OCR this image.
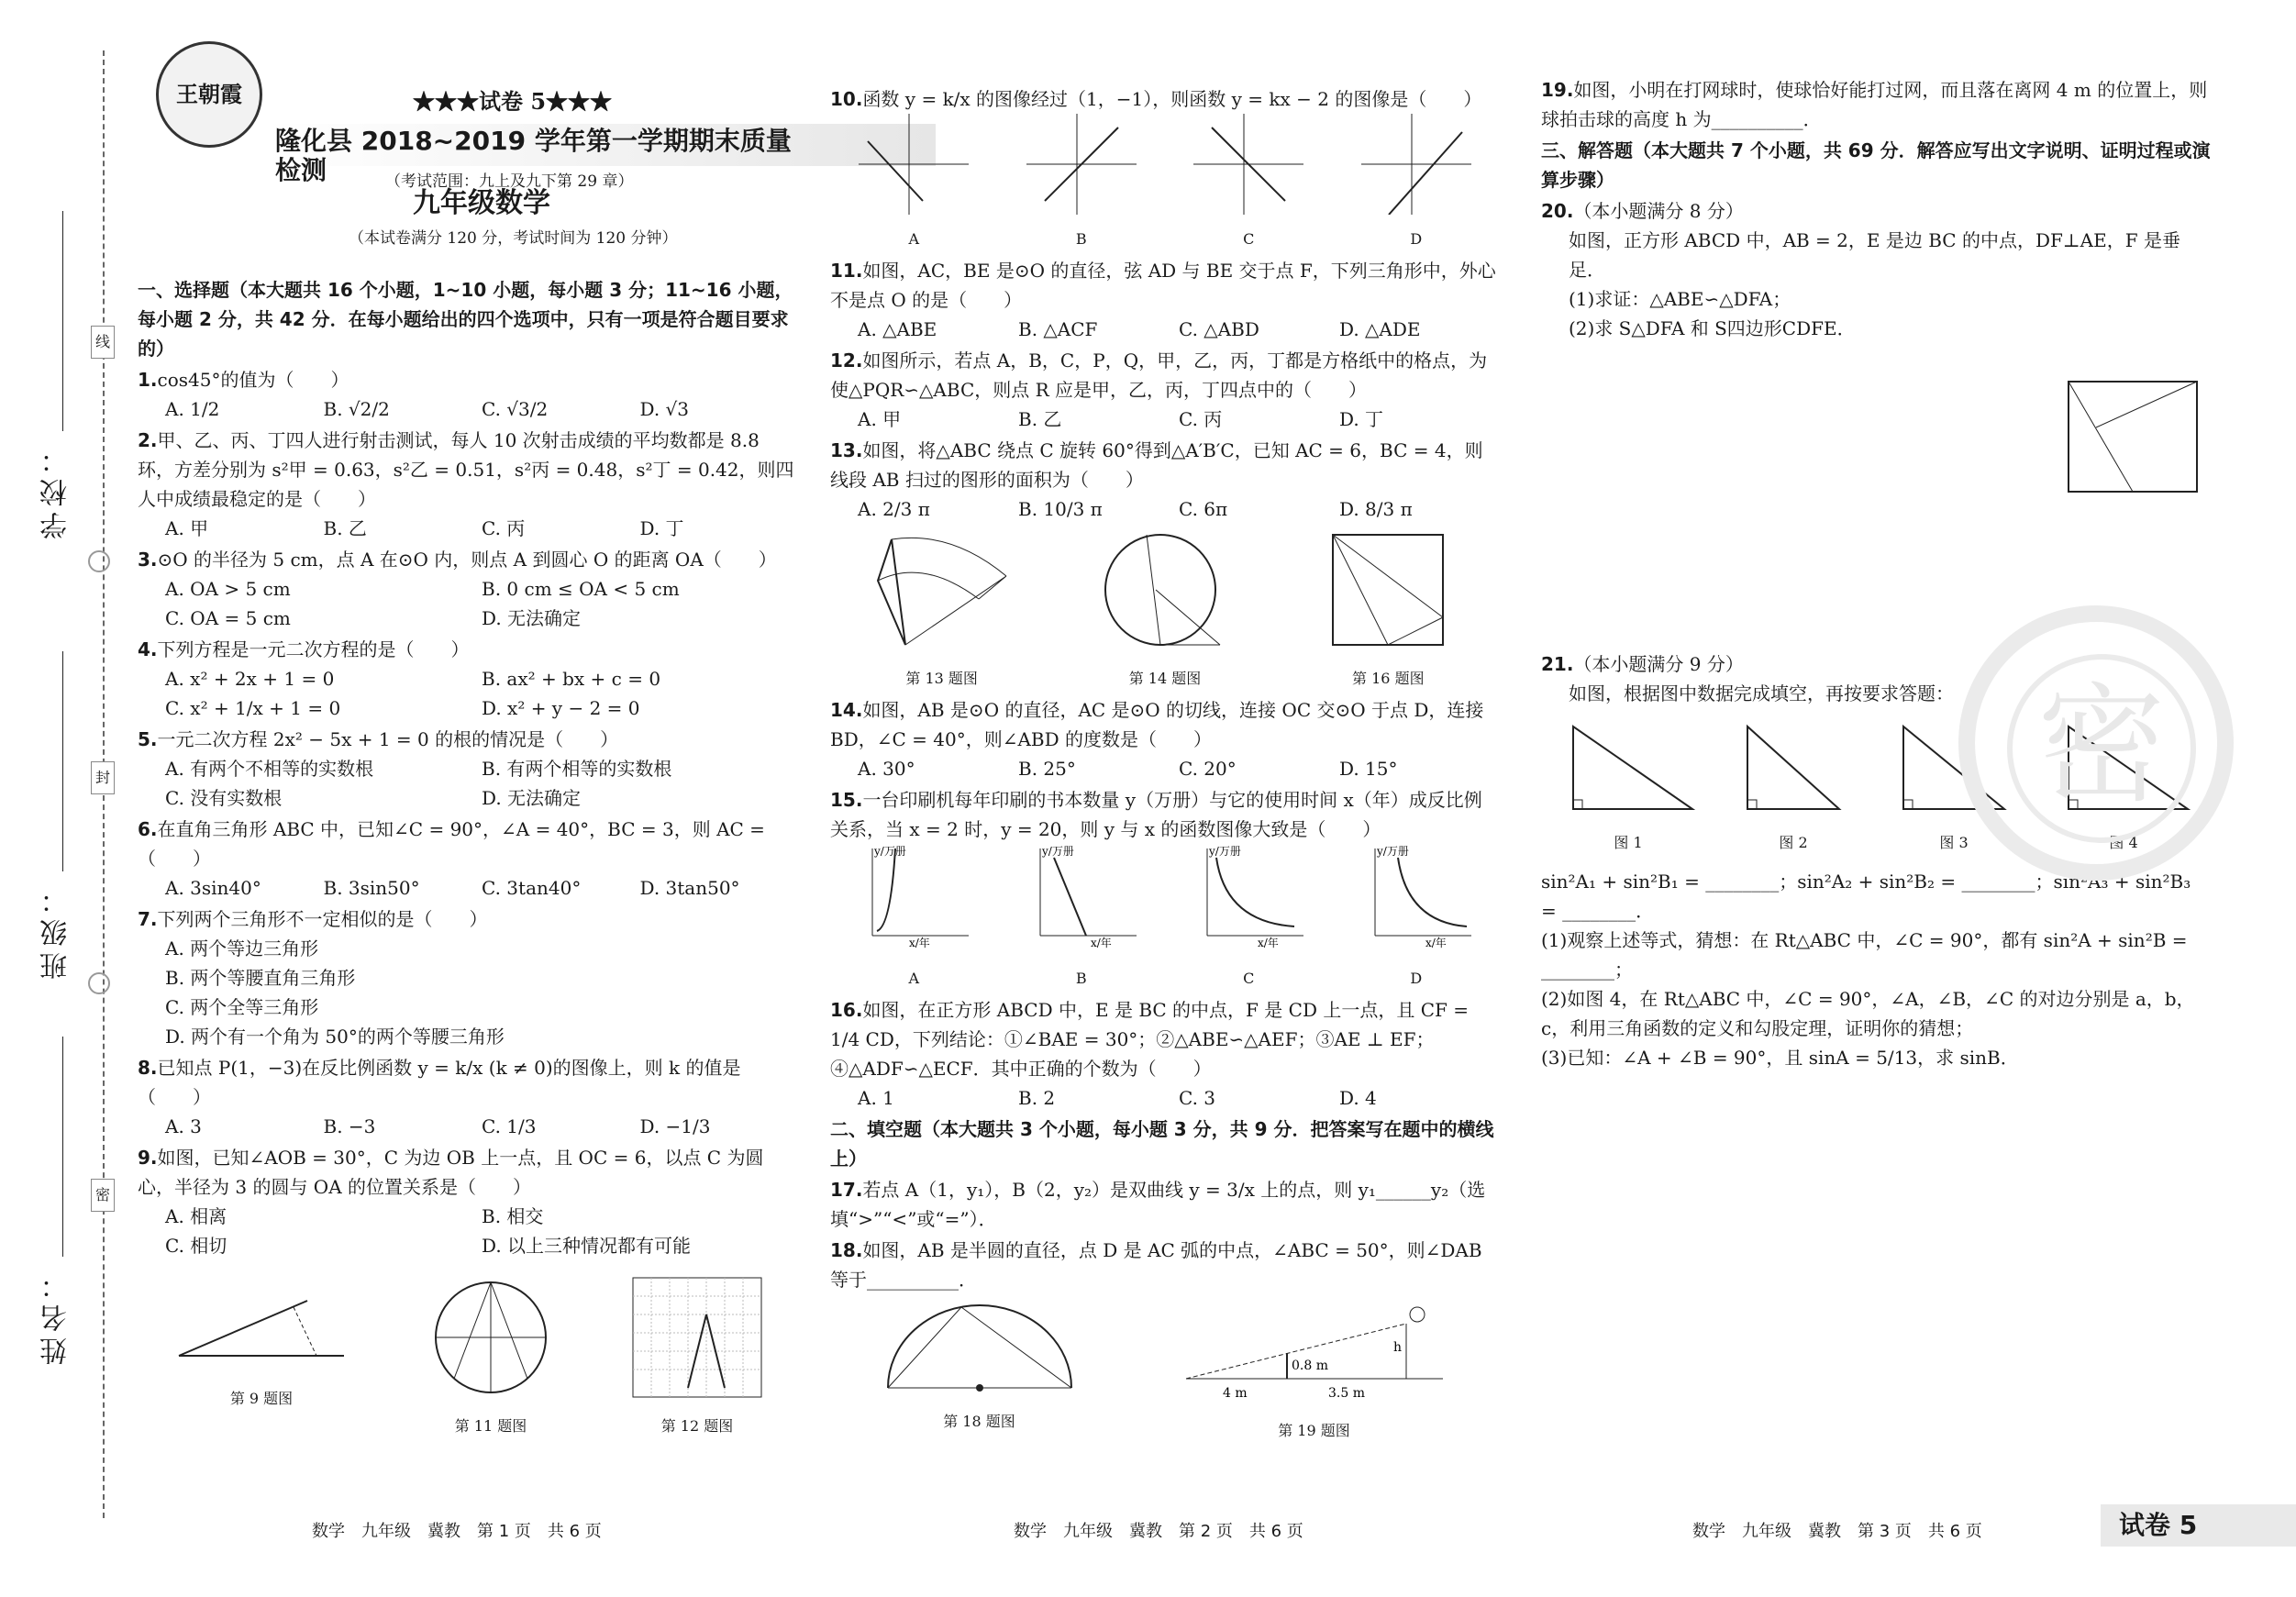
线
封
密
学校：
班级：
姓名：
王朝霞	★★★试卷 5★★★
隆化县 2018~2019 学年第一学期期末质量检测	（考试范围：九上及九下第 29 章）
九年级数学
（本试卷满分 120 分，考试时间为 120 分钟）

一、选择题（本大题共 16 个小题，1~10 小题，每小题 3 分；11~16 小题，每小题 2 分，共 42 分．在每小题给出的四个选项中，只有一项是符合题目要求的）

1.cos45°的值为（　　）
A. 1/2	B. √2/2	C. √3/2	D. √3
2.甲、乙、丙、丁四人进行射击测试，每人 10 次射击成绩的平均数都是 8.8 环，方差分别为 s²甲 = 0.63，s²乙 = 0.51，s²丙 = 0.48，s²丁 = 0.42，则四人中成绩最稳定的是（　　）
A. 甲	B. 乙	C. 丙	D. 丁
3.⊙O 的半径为 5 cm，点 A 在⊙O 内，则点 A 到圆心 O 的距离 OA（　　）
A. OA > 5 cm	B. 0 cm ≤ OA < 5 cm
C. OA = 5 cm	D. 无法确定
4.下列方程是一元二次方程的是（　　）
A. x² + 2x + 1 = 0	B. ax² + bx + c = 0
C. x² + 1/x + 1 = 0	D. x² + y − 2 = 0
5.一元二次方程 2x² − 5x + 1 = 0 的根的情况是（　　）
A. 有两个不相等的实数根	B. 有两个相等的实数根
C. 没有实数根	D. 无法确定
6.在直角三角形 ABC 中，已知∠C = 90°，∠A = 40°，BC = 3，则 AC =（　　）
A. 3sin40°	B. 3sin50°	C. 3tan40°	D. 3tan50°
7.下列两个三角形不一定相似的是（　　）
A. 两个等边三角形
B. 两个等腰直角三角形
C. 两个全等三角形
D. 两个有一个角为 50°的两个等腰三角形
8.已知点 P(1，−3)在反比例函数 y = k/x (k ≠ 0)的图像上，则 k 的值是（　　）
A. 3	B. −3	C. 1/3	D. −1/3
9.如图，已知∠AOB = 30°，C 为边 OB 上一点，且 OC = 6，以点 C 为圆心，半径为 3 的圆与 OA 的位置关系是（　　）
A. 相离	B. 相交
C. 相切	D. 以上三种情况都有可能
第 9 题图
第 11 题图	第 12 题图
10.函数 y = k/x 的图像经过（1，−1），则函数 y = kx − 2 的图像是（　　）
A	B	C	D
11.如图，AC，BE 是⊙O 的直径，弦 AD 与 BE 交于点 F，下列三角形中，外心不是点 O 的是（　　）
A. △ABE	B. △ACF	C. △ABD	D. △ADE
12.如图所示，若点 A，B，C，P，Q，甲，乙，丙，丁都是方格纸中的格点，为使△PQR∽△ABC，则点 R 应是甲，乙，丙，丁四点中的（　　）
A. 甲	B. 乙	C. 丙	D. 丁
13.如图，将△ABC 绕点 C 旋转 60°得到△A′B′C，已知 AC = 6，BC = 4，则线段 AB 扫过的图形的面积为（　　）
A. 2/3 π	B. 10/3 π	C. 6π	D. 8/3 π
第 13 题图	第 14 题图	第 16 题图
14.如图，AB 是⊙O 的直径，AC 是⊙O 的切线，连接 OC 交⊙O 于点 D，连接 BD，∠C = 40°，则∠ABD 的度数是（　　）
A. 30°	B. 25°	C. 20°	D. 15°
15.一台印刷机每年印刷的书本数量 y（万册）与它的使用时间 x（年）成反比例关系，当 x = 2 时，y = 20，则 y 与 x 的函数图像大致是（　　）
x/年
y/万册
A
x/年
y/万册
B
x/年
y/万册
C
x/年
y/万册
D
16.如图，在正方形 ABCD 中，E 是 BC 的中点，F 是 CD 上一点，且 CF = 1/4 CD，下列结论：①∠BAE = 30°；②△ABE∽△AEF；③AE ⊥ EF；④△ADF∽△ECF．其中正确的个数为（　　）
A. 1	B. 2	C. 3	D. 4

二、填空题（本大题共 3 个小题，每小题 3 分，共 9 分．把答案写在题中的横线上）

17.若点 A（1，y₁），B（2，y₂）是双曲线 y = 3/x 上的点，则 y₁______y₂（选填“>”“<”或“=”）．
18.如图，AB 是半圆的直径，点 D 是 AC 弧的中点，∠ABC = 50°，则∠DAB 等于__________．
第 18 题图
0.8 m
h
4 m	3.5 m
第 19 题图
19.如图，小明在打网球时，使球恰好能打过网，而且落在离网 4 m 的位置上，则球拍击球的高度 h 为__________．

三、解答题（本大题共 7 个小题，共 69 分．解答应写出文字说明、证明过程或演算步骤）

20.（本小题满分 8 分）

如图，正方形 ABCD 中，AB = 2，E 是边 BC 的中点，DF⊥AE，F 是垂足．

(1)求证：△ABE∽△DFA；

(2)求 S△DFA 和 S四边形CDFE．

21.（本小题满分 9 分）

如图，根据图中数据完成填空，再按要求答题：

图 1	图 2	图 3	图 4

sin²A₁ + sin²B₁ = ________；sin²A₂ + sin²B₂ = ________；sin²A₃ + sin²B₃ = ________．

(1)观察上述等式，猜想：在 Rt△ABC 中，∠C = 90°，都有 sin²A + sin²B = ________；

(2)如图 4，在 Rt△ABC 中，∠C = 90°，∠A，∠B，∠C 的对边分别是 a，b，c，利用三角函数的定义和勾股定理，证明你的猜想；

(3)已知：∠A + ∠B = 90°，且 sinA = 5/13，求 sinB．

密
数学　九年级　冀教　第 1 页　共 6 页	数学　九年级　冀教　第 2 页　共 6 页	数学　九年级　冀教　第 3 页　共 6 页	试卷 5
